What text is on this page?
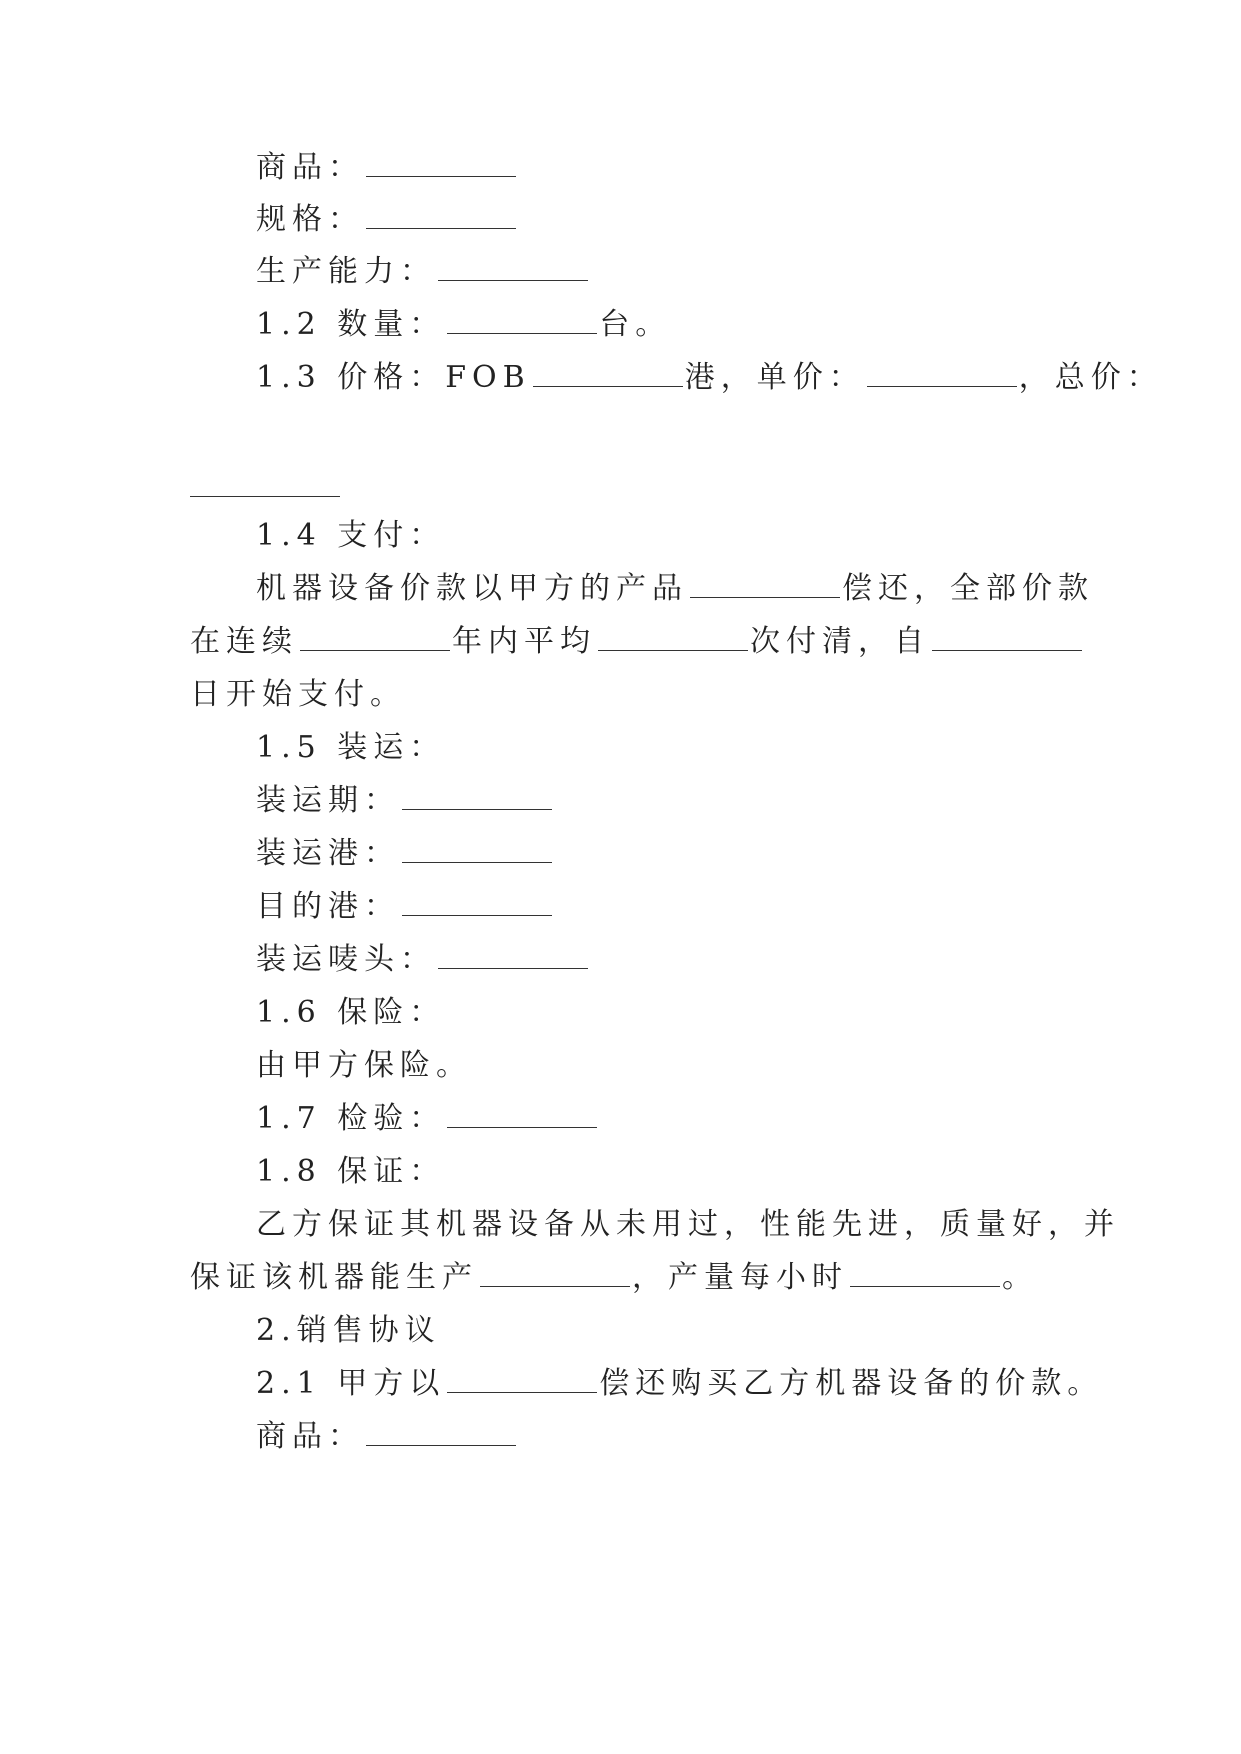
商品：
规格：
生产能力：
1.2 数量：	台。
1.3 价格：FOB	港，单价：	，总价：
1.4 支付：
机器设备价款以甲方的产品	偿还，全部价款
在连续	年内平均	次付清，自
日开始支付。
1.5 装运：
装运期：
装运港：
目的港：
装运唛头：
1.6 保险：
由甲方保险。
1.7 检验：
1.8 保证：
乙方保证其机器设备从未用过，性能先进，质量好，并
保证该机器能生产	，产量每小时	。
2.销售协议
2.1 甲方以	偿还购买乙方机器设备的价款。
商品：
